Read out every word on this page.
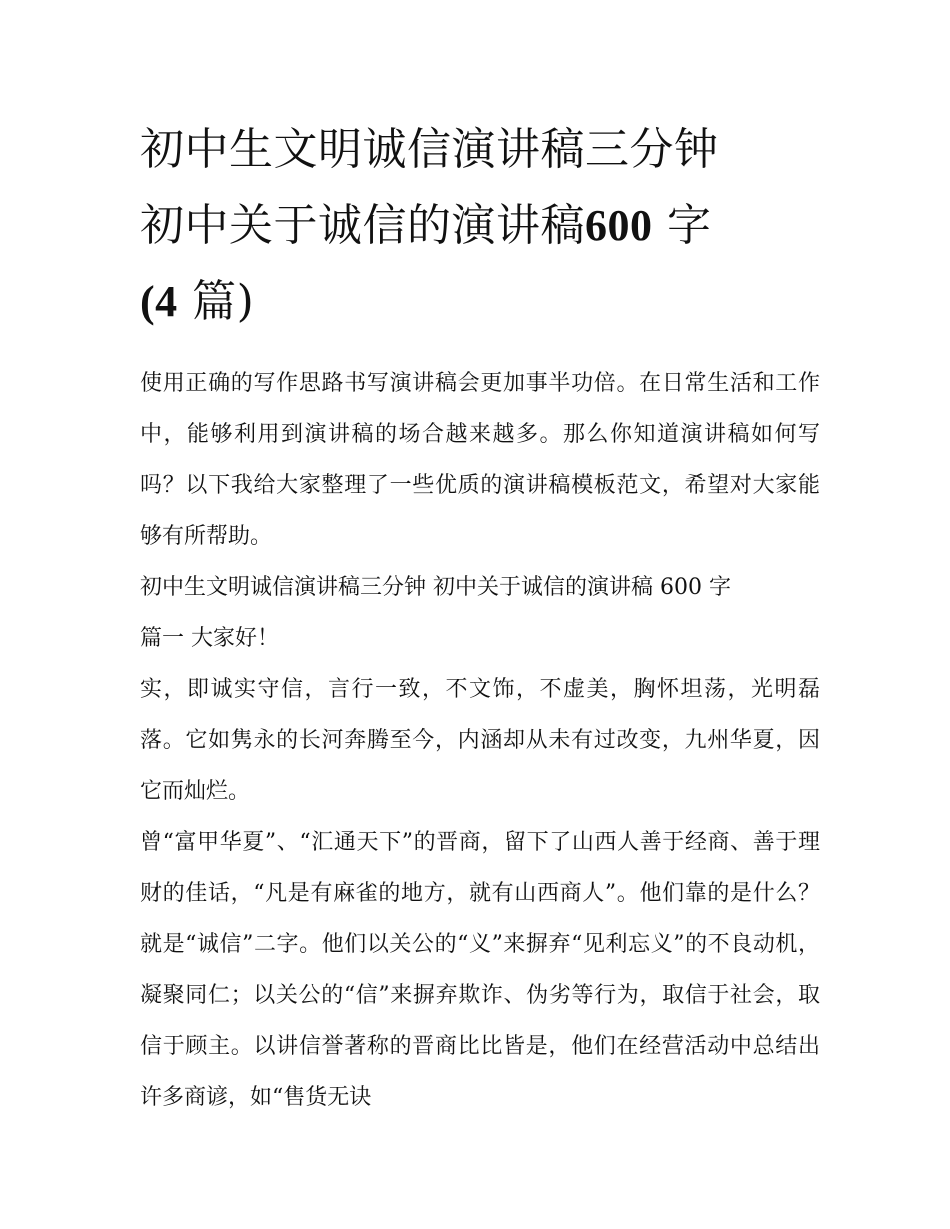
初中生文明诚信演讲稿三分钟
初中关于诚信的演讲稿600 字
(4 篇)

使用正确的写作思路书写演讲稿会更加事半功倍。在日常生活和工作中，能够利用到演讲稿的场合越来越多。那么你知道演讲稿如何写吗？以下我给大家整理了一些优质的演讲稿模板范文，希望对大家能够有所帮助。

初中生文明诚信演讲稿三分钟 初中关于诚信的演讲稿 600 字

篇一 大家好！

实，即诚实守信，言行一致，不文饰，不虚美，胸怀坦荡，光明磊落。它如隽永的长河奔腾至今，内涵却从未有过改变，九州华夏，因它而灿烂。

曾“富甲华夏”、“汇通天下”的晋商，留下了山西人善于经商、善于理财的佳话，“凡是有麻雀的地方，就有山西商人”。他们靠的是什么？就是“诚信”二字。他们以关公的“义”来摒弃“见利忘义”的不良动机，凝聚同仁；以关公的“信”来摒弃欺诈、伪劣等行为，取信于社会，取信于顾主。以讲信誉著称的晋商比比皆是，他们在经营活动中总结出许多商谚，如“售货无诀
